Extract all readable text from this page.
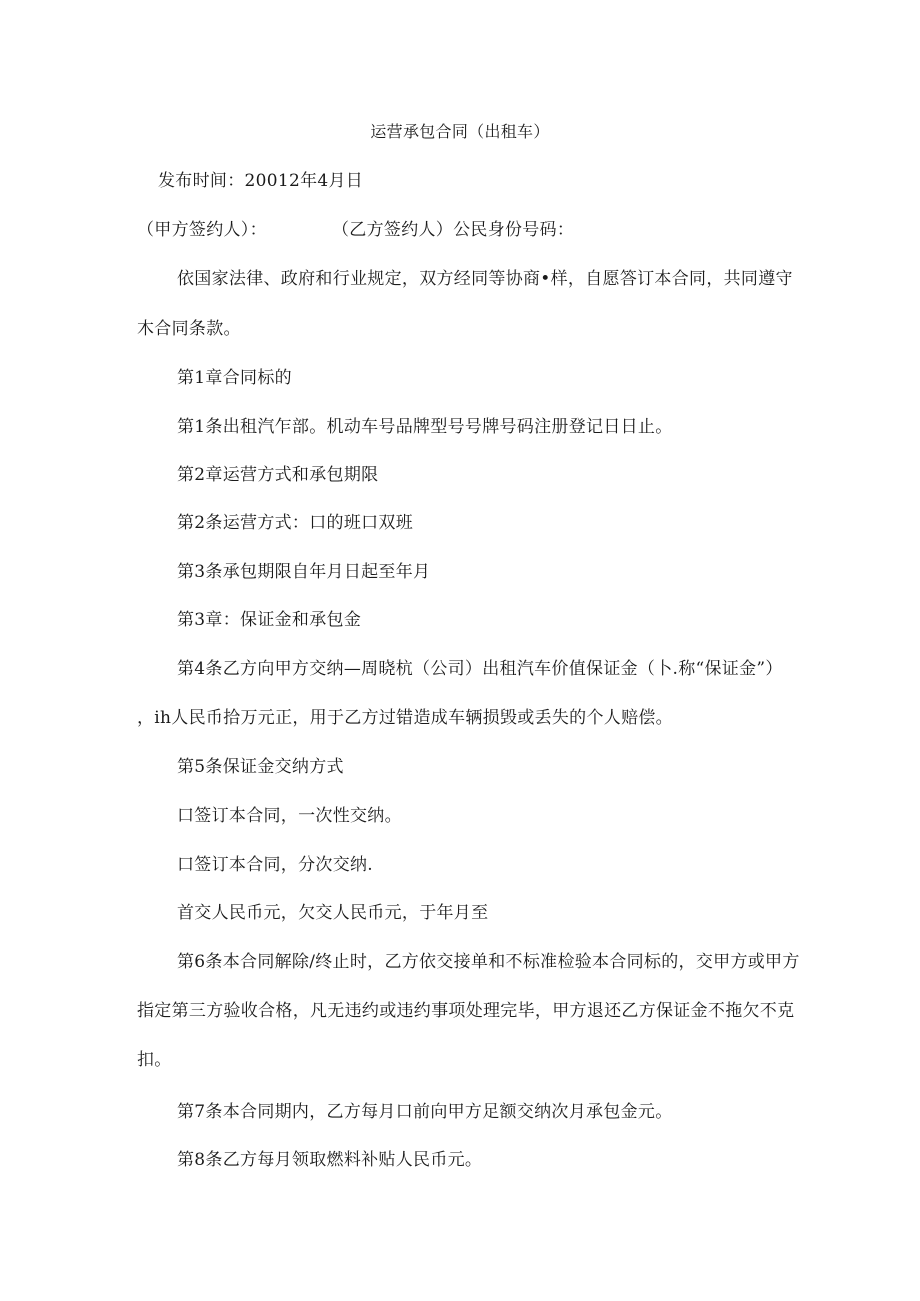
运营承包合同（出租车）
发布时间：20012年4月日
（甲方签约人）：	（乙方签约人）公民身份号码：
依国家法律、政府和行业规定，双方经同等协商•样，自愿答订本合同，共同遵守
木合同条款。
第1章合同标的
第1条出租汽乍部。机动车号品牌型号号牌号码注册登记日日止。
第2章运营方式和承包期限
第2条运营方式：口的班口双班
第3条承包期限自年月日起至年月
第3章：保证金和承包金
第4条乙方向甲方交纳—周晓杭（公司）出租汽车价值保证金（卜.称“保证金”）
，ih人民币拾万元正，用于乙方过错造成车辆损毁或丢失的个人赔偿。
第5条保证金交纳方式
口签订本合同，一次性交纳。
口签订本合同，分次交纳.
首交人民币元，欠交人民币元，于年月至
第6条本合同解除/终止时，乙方依交接单和不标准检验本合同标的，交甲方或甲方
指定第三方验收合格，凡无违约或违约事项处理完毕，甲方退还乙方保证金不拖欠不克
扣。
第7条本合同期内，乙方每月口前向甲方足额交纳次月承包金元。
第8条乙方每月领取燃料补贴人民币元。
